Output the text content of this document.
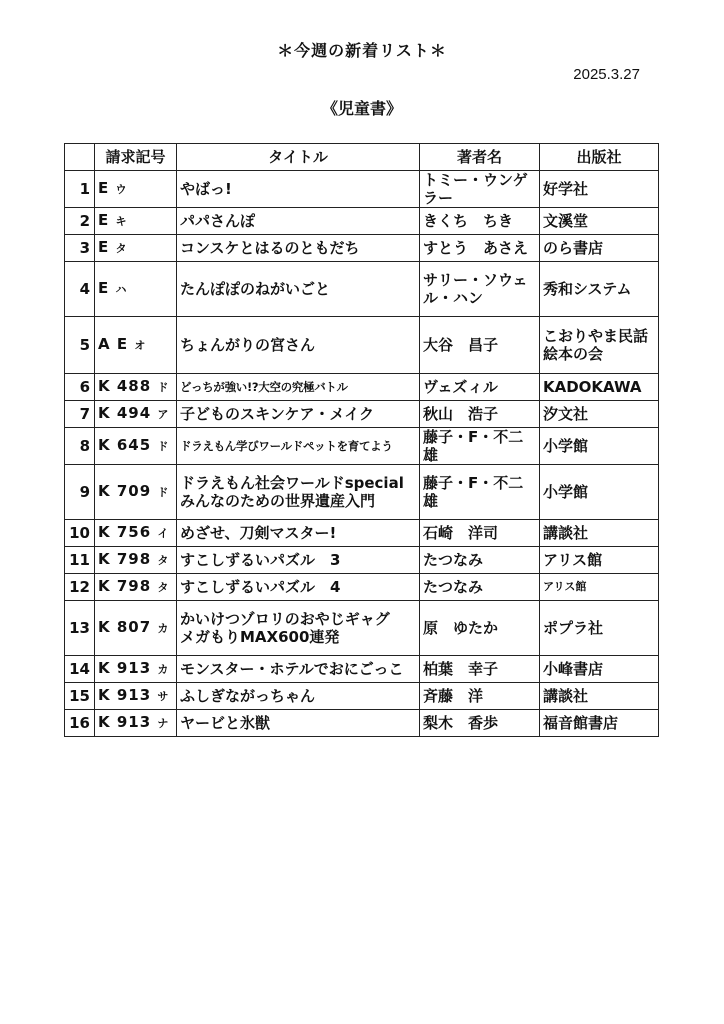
＊今週の新着リスト＊
2025.3.27
《児童書》
	請求記号	タイトル	著者名	出版社
1	E ウ	やばっ!	トミー・ウンゲラー	好学社
2	E キ	パパさんぽ	きくち　ちき	文溪堂
3	E タ	コンスケとはるのともだち	すとう　あさえ	のら書店
4	E ハ	たんぽぽのねがいごと	サリー・ソウェル・ハン	秀和システム
5	A E オ	ちょんがりの宮さん	大谷　昌子	こおりやま民話絵本の会
6	K 488 ド	どっちが強い!?大空の究極バトル	ヴェズィル	KADOKAWA
7	K 494 ア	子どものスキンケア・メイク	秋山　浩子	汐文社
8	K 645 ド	ドラえもん学びワールドペットを育てよう	藤子・F・不二雄	小学館
9	K 709 ド	ドラえもん社会ワールドspecial
みんなのための世界遺産入門	藤子・F・不二雄	小学館
10	K 756 イ	めざせ、刀剣マスター!	石崎　洋司	講談社
11	K 798 タ	すこしずるいパズル　3	たつなみ	アリス館
12	K 798 タ	すこしずるいパズル　4	たつなみ	アリス館
13	K 807 カ	かいけつゾロリのおやじギャグ
メガもりMAX600連発	原　ゆたか	ポプラ社
14	K 913 カ	モンスター・ホテルでおにごっこ	柏葉　幸子	小峰書店
15	K 913 サ	ふしぎながっちゃん	斉藤　洋	講談社
16	K 913 ナ	ヤービと氷獣	梨木　香歩	福音館書店
